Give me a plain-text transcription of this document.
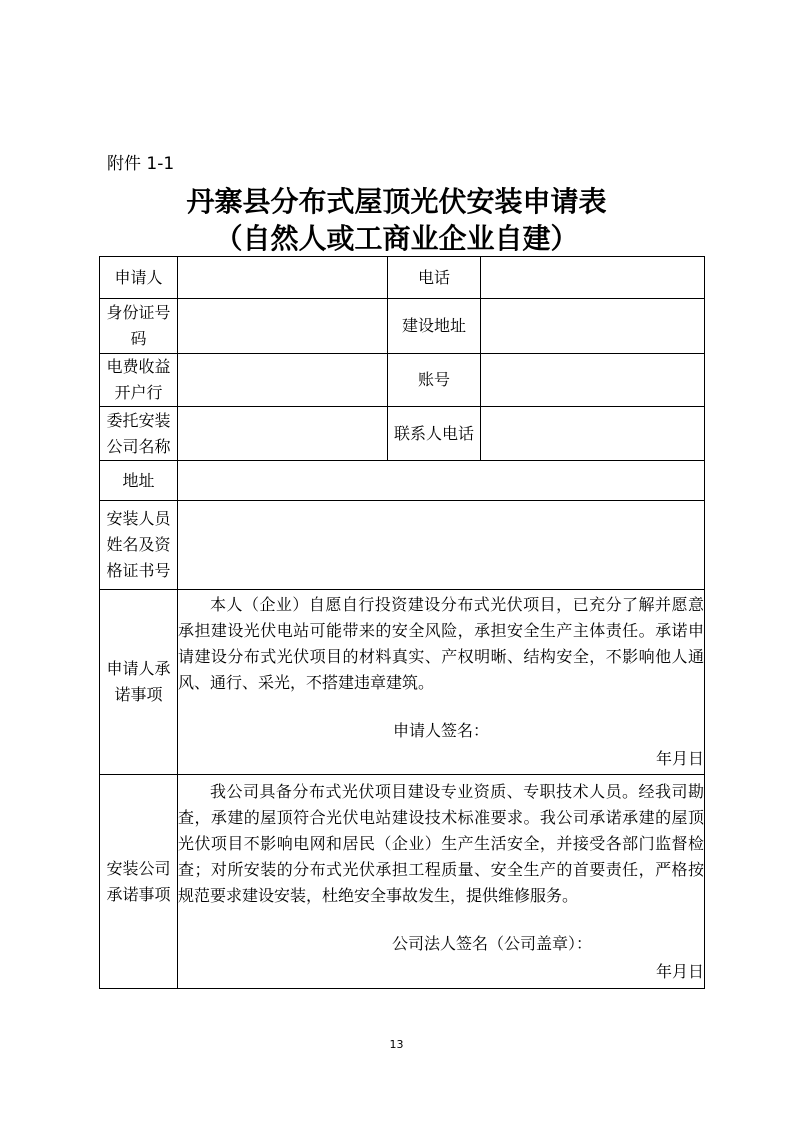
附件 1-1
丹寨县分布式屋顶光伏安装申请表
（自然人或工商业企业自建）
申请人		电话	
身份证号码		建设地址	
电费收益开户行		账号	
委托安装公司名称		联系人电话	
地址			
安装人员姓名及资格证书号			
申请人承诺事项	本人（企业）自愿自行投资建设分布式光伏项目，已充分了解并愿意承担建设光伏电站可能带来的安全风险，承担安全生产主体责任。承诺申请建设分布式光伏项目的材料真实、产权明晰、结构安全，不影响他人通风、通行、采光，不搭建违章建筑。
申请人签名：
年月日		

安装公司承诺事项	我公司具备分布式光伏项目建设专业资质、专职技术人员。经我司勘查，承建的屋顶符合光伏电站建设技术标准要求。我公司承诺承建的屋顶光伏项目不影响电网和居民（企业）生产生活安全，并接受各部门监督检查；对所安装的分布式光伏承担工程质量、安全生产的首要责任，严格按规范要求建设安装，杜绝安全事故发生，提供维修服务。
公司法人签名（公司盖章）：
年月日		
13
